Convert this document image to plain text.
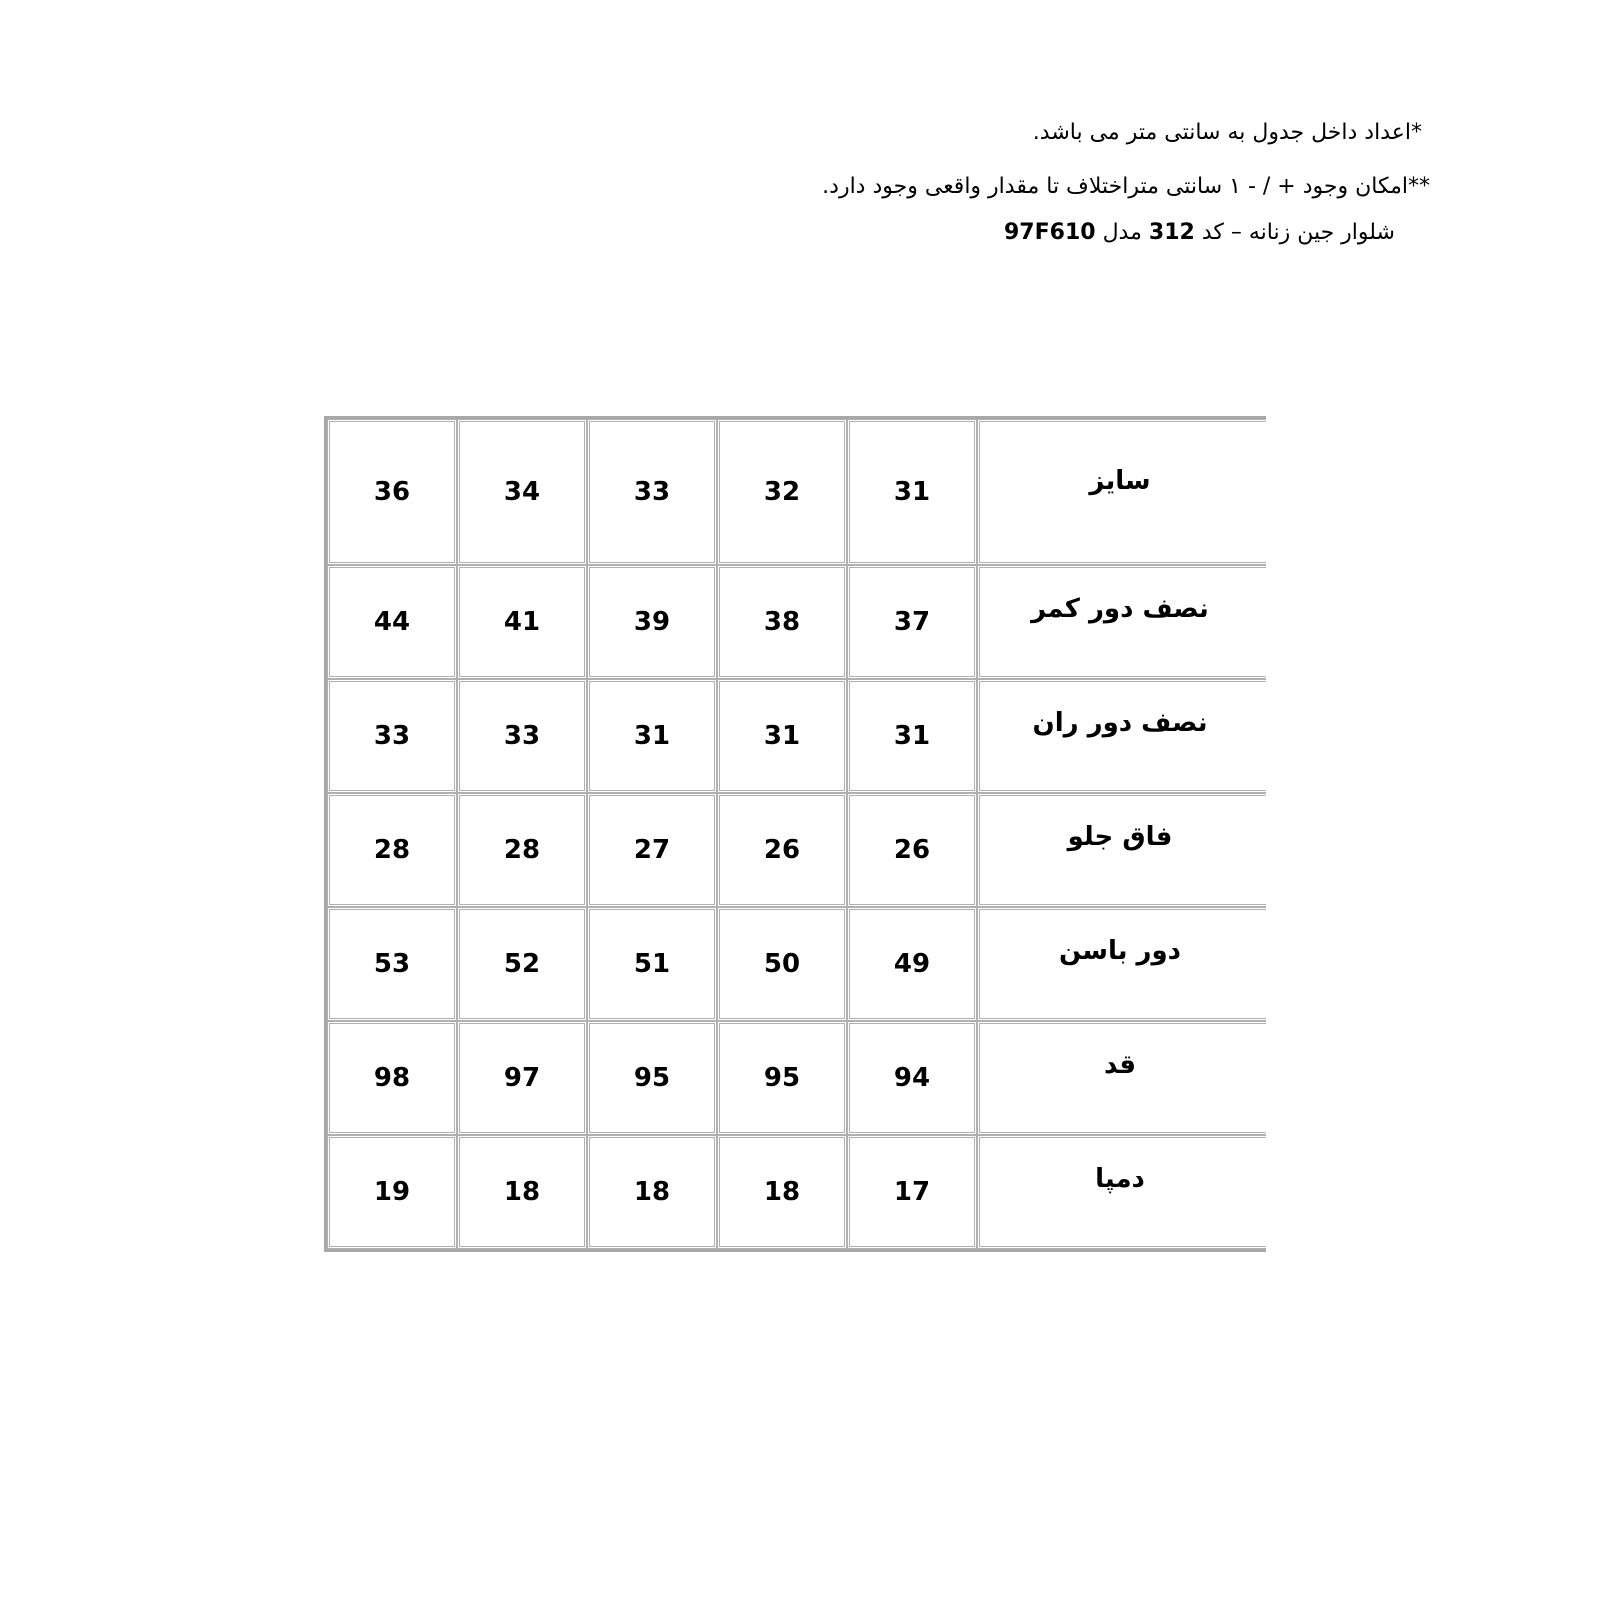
*اعداد داخل جدول به سانتی متر می باشد.
**امکان وجود + / - ۱ سانتی متراختلاف تا مقدار واقعی وجود دارد.
شلوار جین زنانه – کد 312 مدل 97F610
36	34	33	32	31	سایز
44	41	39	38	37	نصف دور کمر
33	33	31	31	31	نصف دور ران
28	28	27	26	26	فاق جلو
53	52	51	50	49	دور باسن
98	97	95	95	94	قد
19	18	18	18	17	دمپا
